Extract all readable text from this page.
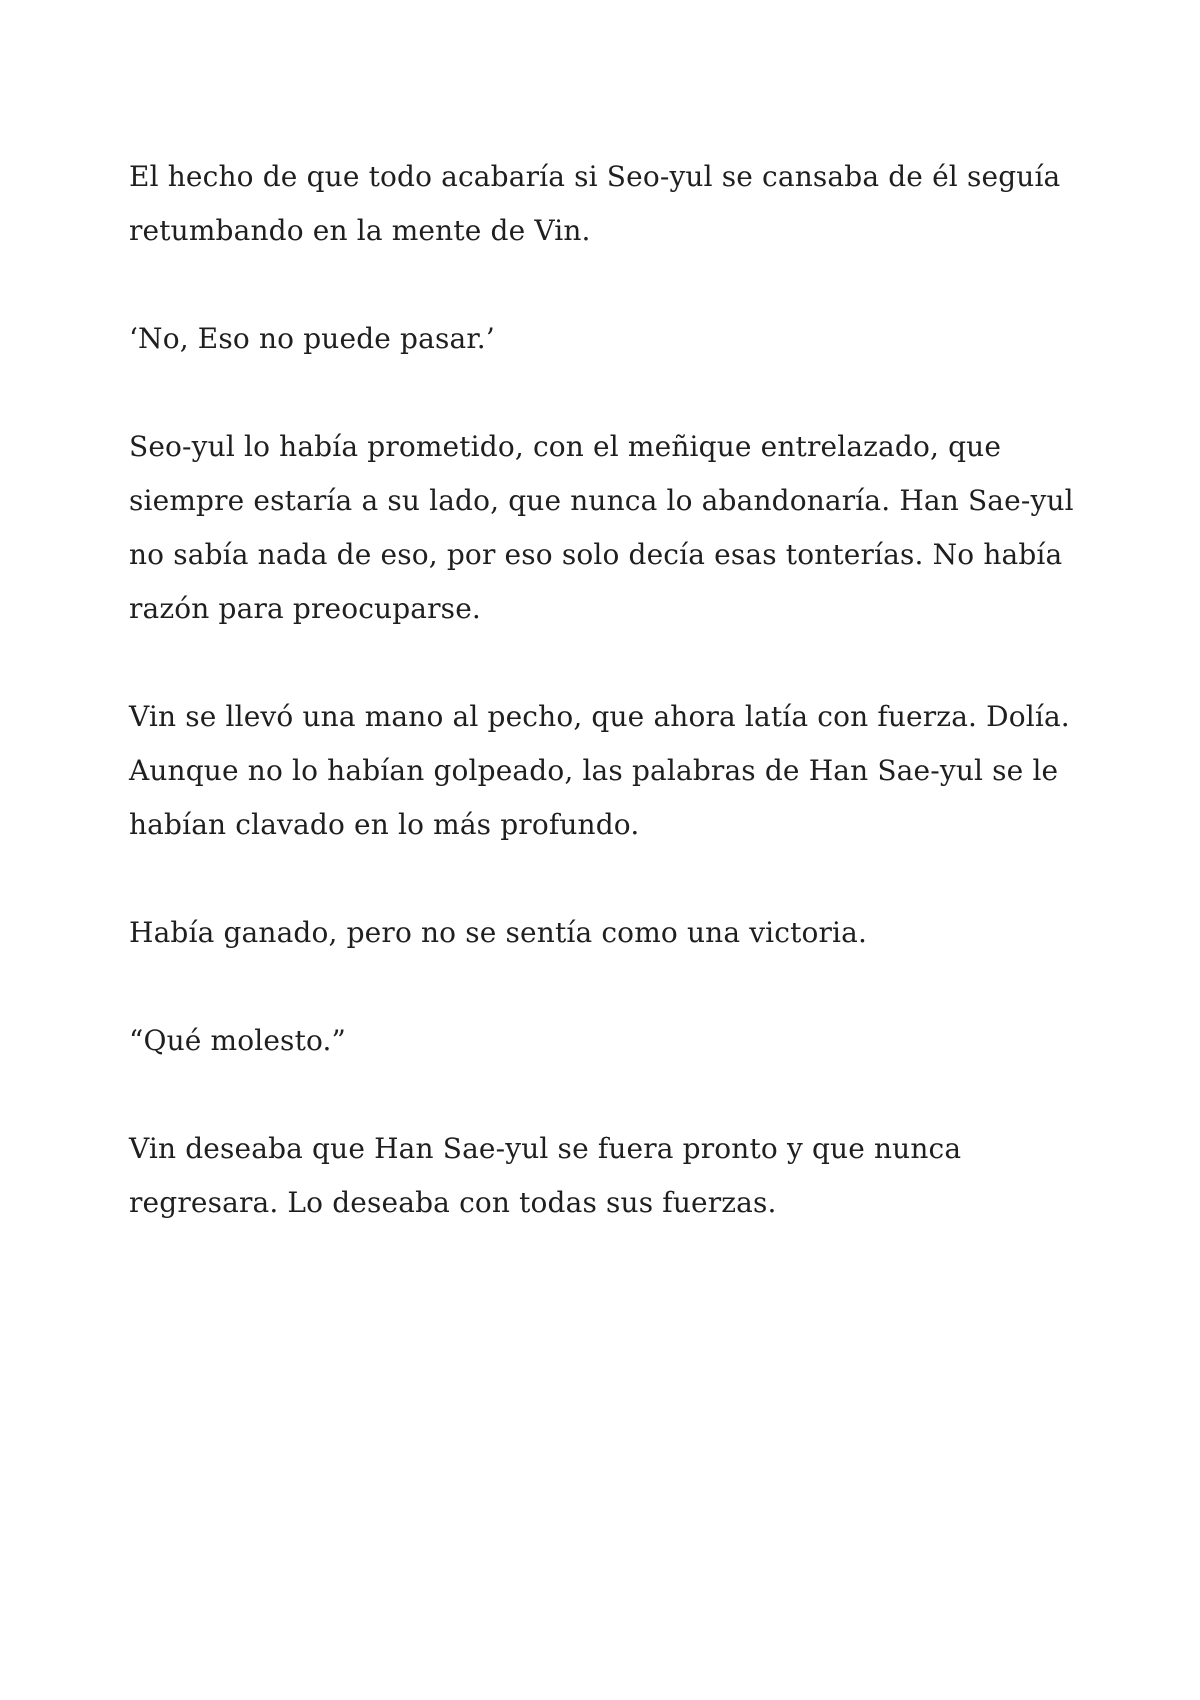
El hecho de que todo acabaría si Seo-yul se cansaba de él seguía retumbando en la mente de Vin.

‘No, Eso no puede pasar.’

Seo-yul lo había prometido, con el meñique entrelazado, que siempre estaría a su lado, que nunca lo abandonaría. Han Sae-yul no sabía nada de eso, por eso solo decía esas tonterías. No había razón para preocuparse.

Vin se llevó una mano al pecho, que ahora latía con fuerza. Dolía. Aunque no lo habían golpeado, las palabras de Han Sae-yul se le habían clavado en lo más profundo.

Había ganado, pero no se sentía como una victoria.

“Qué molesto.”

Vin deseaba que Han Sae-yul se fuera pronto y que nunca regresara. Lo deseaba con todas sus fuerzas.
